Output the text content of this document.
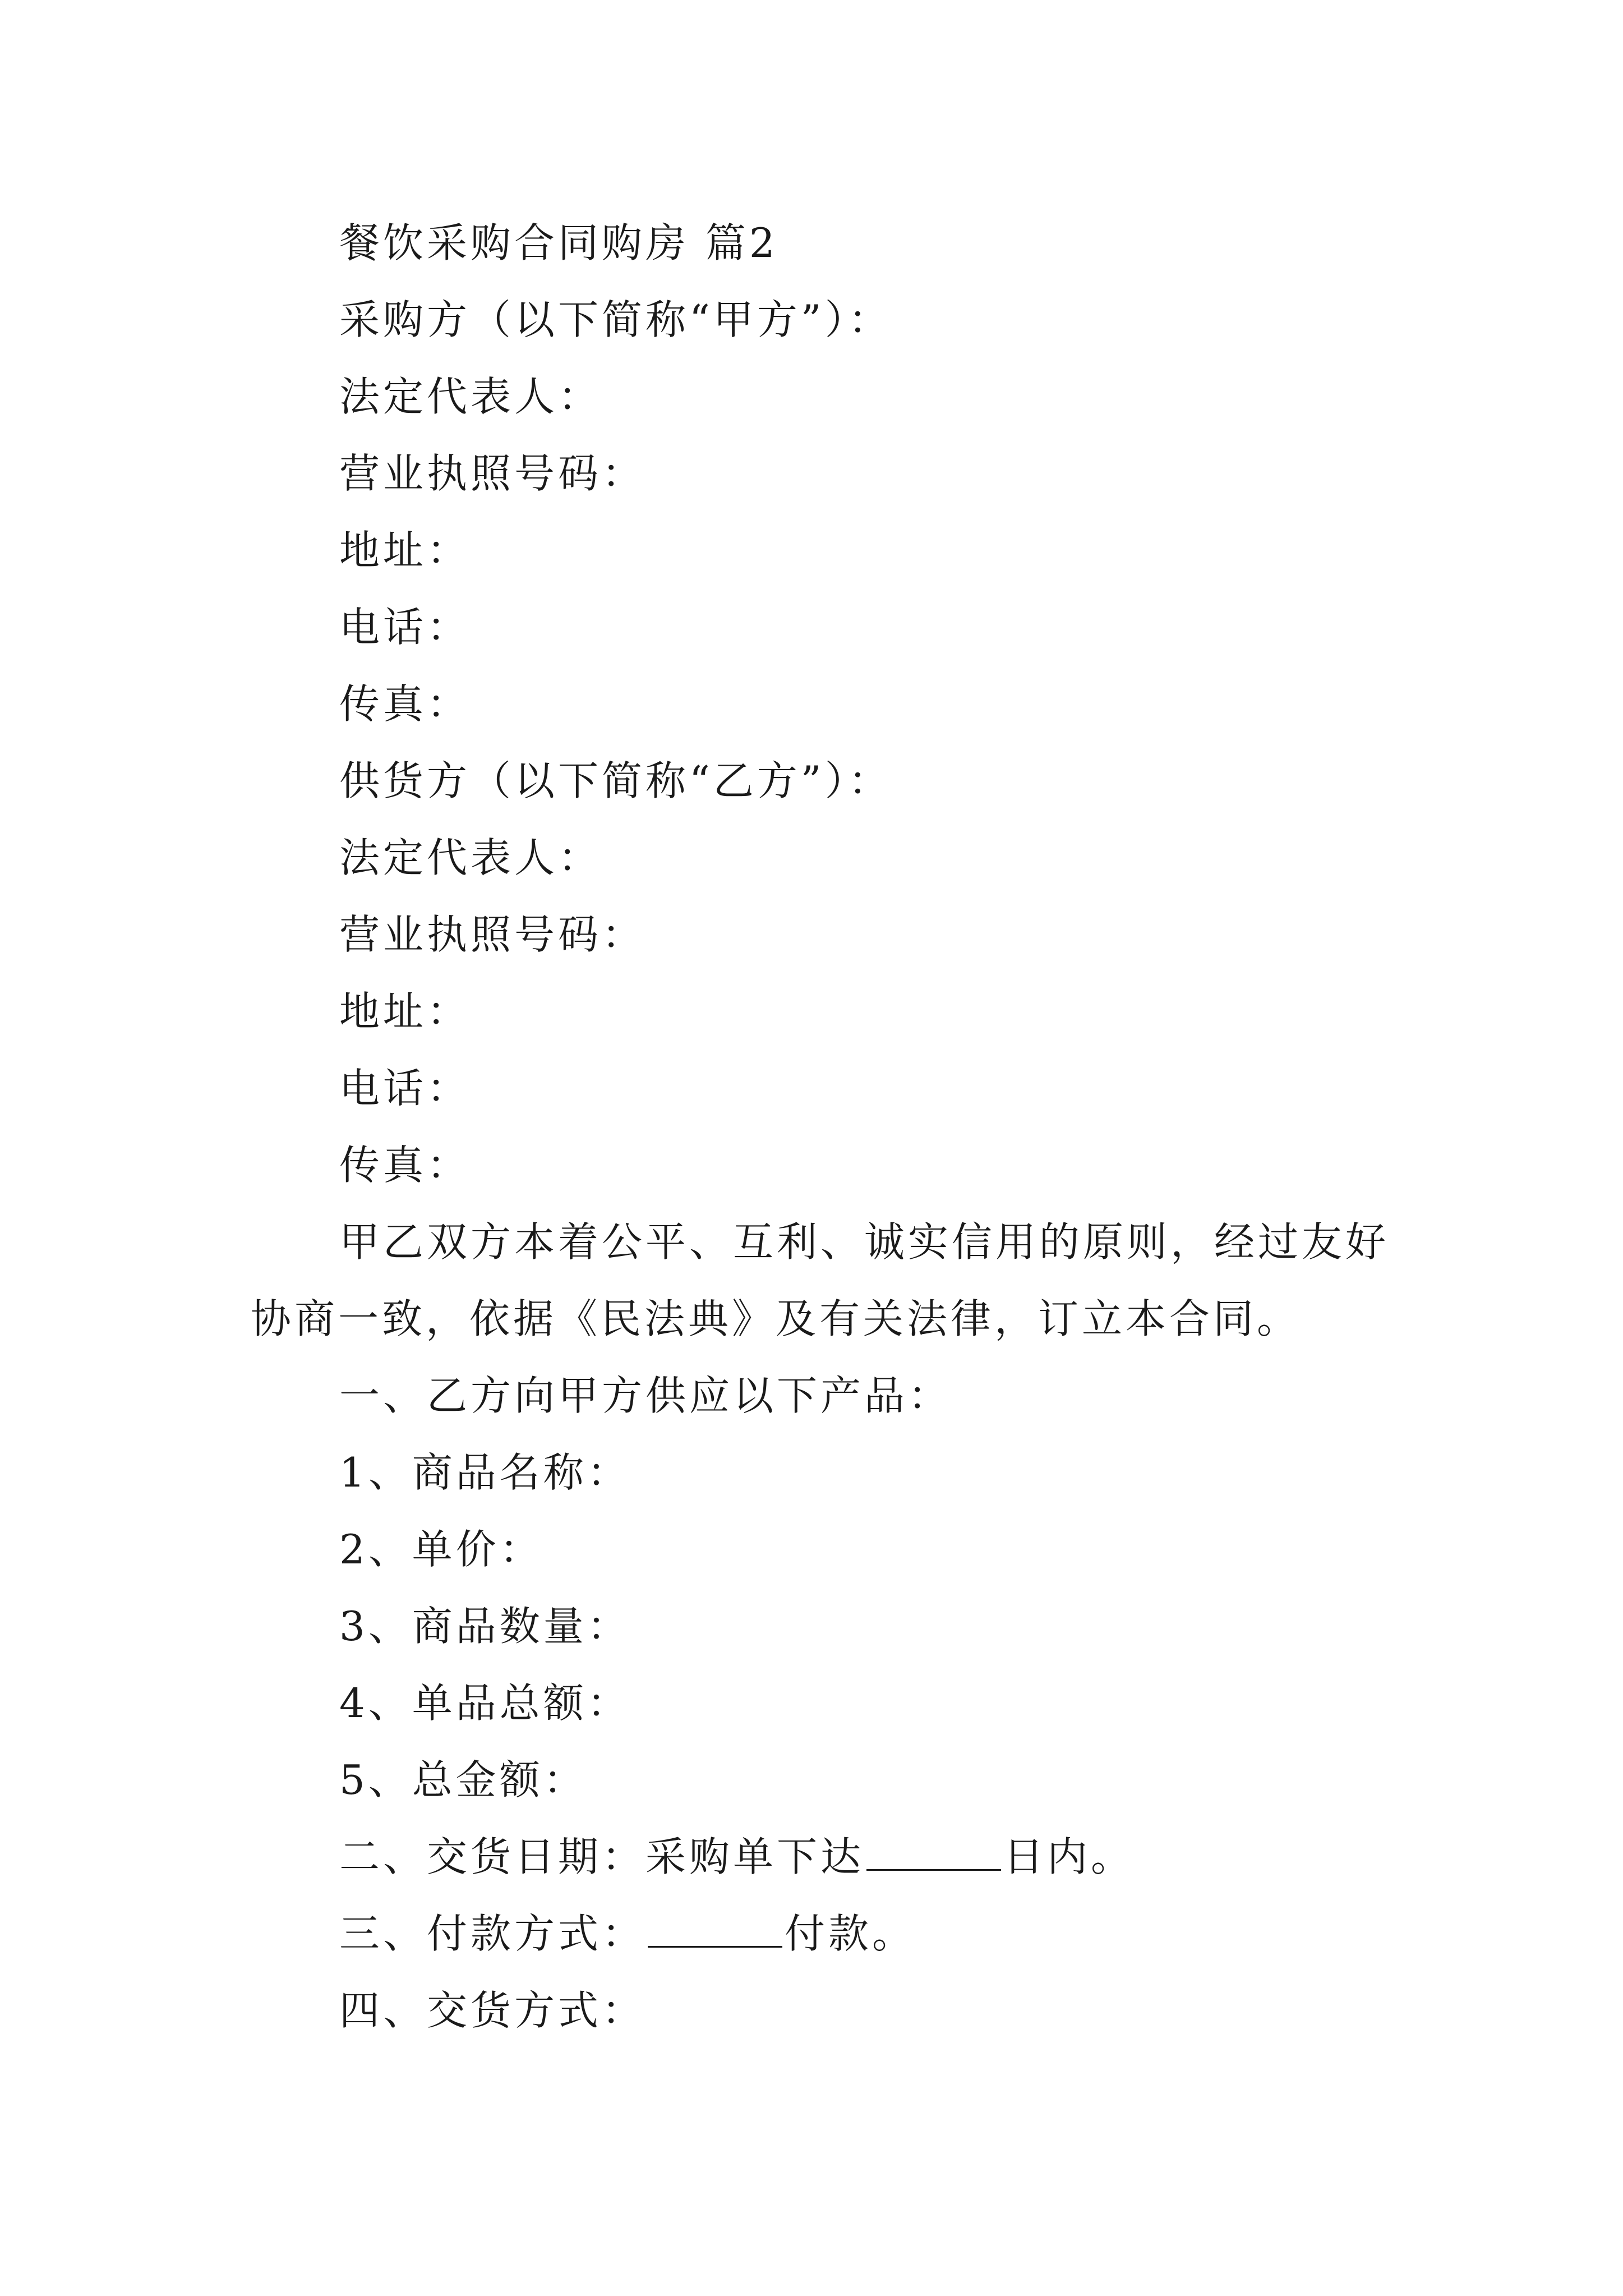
餐饮采购合同购房 篇2
采购方（以下简称“甲方”）：
法定代表人：
营业执照号码：
地址：
电话：
传真：
供货方（以下简称“乙方”）：
法定代表人：
营业执照号码：
地址：
电话：
传真：
甲乙双方本着公平、互利、诚实信用的原则，经过友好协商一致，依据《民法典》及有关法律，订立本合同。
一、乙方向甲方供应以下产品：
1、商品名称：
2、单价：
3、商品数量：
4、单品总额：
5、总金额：
二、交货日期：采购单下达	日内。
三、付款方式：	付款。
四、交货方式：
